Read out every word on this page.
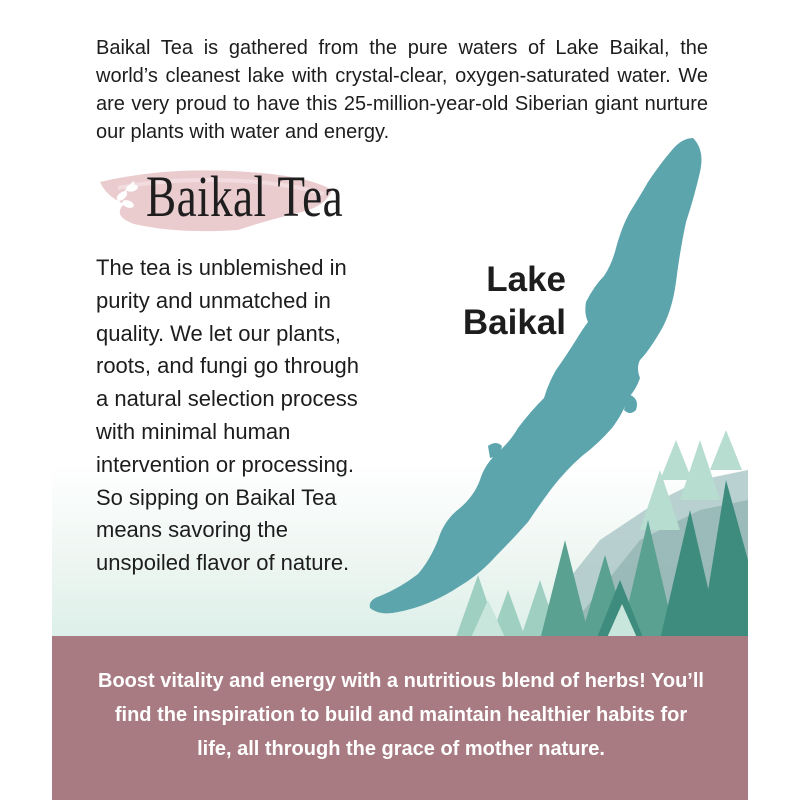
Baikal Tea is gathered from the pure waters of Lake Baikal, the world’s cleanest lake with crystal-clear, oxygen-saturated water. We are very proud to have this 25-million-year-old Siberian giant nurture our plants with water and energy.

Baikal Tea

The tea is unblemished in
purity and unmatched in
quality. We let our plants,
roots, and fungi go through
a natural selection process
with minimal human
intervention or processing.
So sipping on Baikal Tea
means savoring the
unspoiled flavor of nature.

Lake
Baikal

Boost vitality and energy with a nutritious blend of herbs! You’ll find the inspiration to build and maintain healthier habits for life, all through the grace of mother nature.
